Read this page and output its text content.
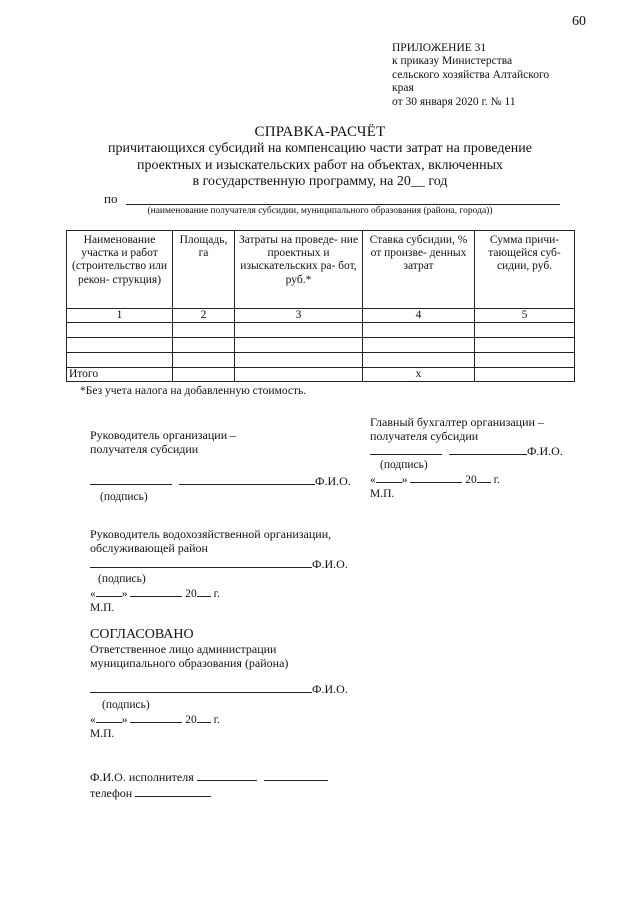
60
ПРИЛОЖЕНИЕ 31
к приказу Министерства
сельского хозяйства Алтайского
края
от 30 января 2020 г. № 11
СПРАВКА-РАСЧЁТ
причитающихся субсидий на компенсацию части затрат на проведение
проектных и изыскательских работ на объектах, включенных
в государственную программу, на 20__ год
по
(наименование получателя субсидии, муниципального образования (района, города))
Наименование участка и работ (строительство или рекон- струкция)	Площадь, га	Затраты на проведе- ние проектных и изыскательских ра- бот, руб.*	Ставка субсидии, % от произве- денных затрат	Сумма причи- тающейся суб- сидии, руб.
1	2	3	4	5

Итого			x	
*Без учета налога на добавленную стоимость.
Главный бухгалтер организации –
получателя субсидии
Ф.И.О.
(подпись)
« »	20 г.
М.П.
Руководитель организации –
получателя субсидии
Ф.И.О.
(подпись)
Руководитель водохозяйственной организации,
обслуживающей район
Ф.И.О.
(подпись)
« »	20 г.
М.П.
СОГЛАСОВАНО
Ответственное лицо администрации
муниципального образования (района)
Ф.И.О.
(подпись)
« »	20 г.
М.П.
Ф.И.О. исполнителя
телефон
